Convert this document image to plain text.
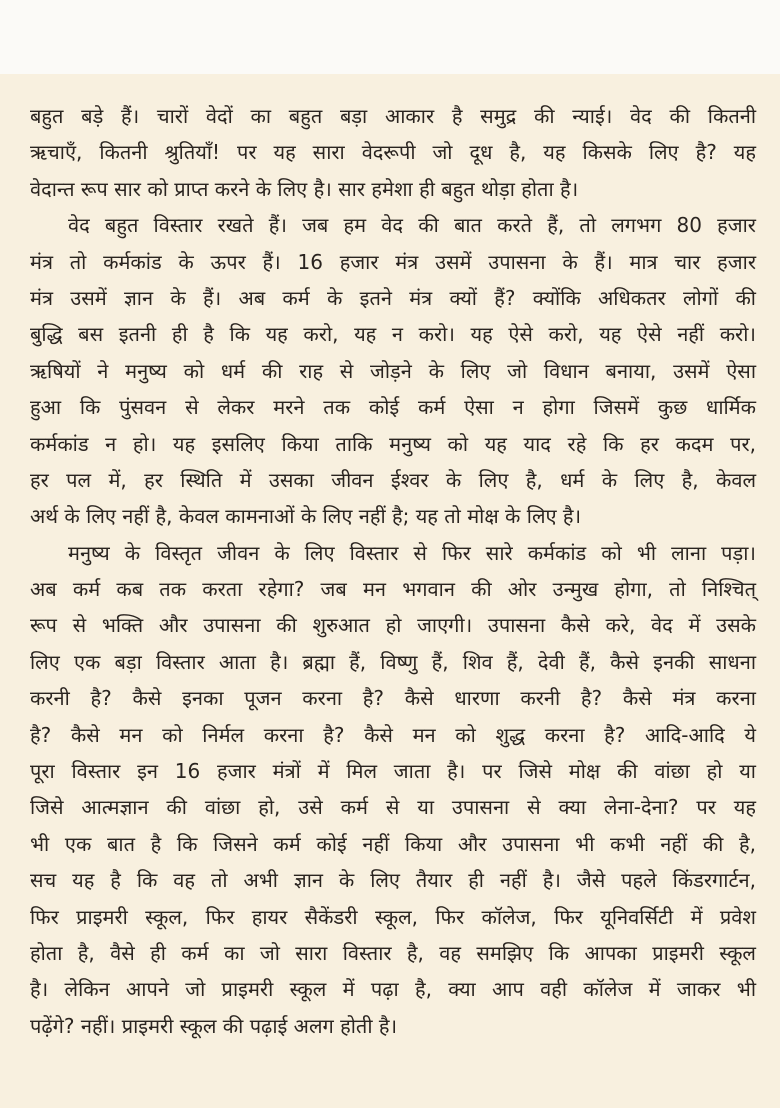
बहुत बड़े हैं। चारों वेदों का बहुत बड़ा आकार है समुद्र की न्याई। वेद की कितनी
ऋचाएँ, कितनी श्रुतियाँ! पर यह सारा वेदरूपी जो दूध है, यह किसके लिए है? यह
वेदान्त रूप सार को प्राप्त करने के लिए है। सार हमेशा ही बहुत थोड़ा होता है।
वेद बहुत विस्तार रखते हैं। जब हम वेद की बात करते हैं, तो लगभग 80 हजार
मंत्र तो कर्मकांड के ऊपर हैं। 16 हजार मंत्र उसमें उपासना के हैं। मात्र चार हजार
मंत्र उसमें ज्ञान के हैं। अब कर्म के इतने मंत्र क्यों हैं? क्योंकि अधिकतर लोगों की
बुद्धि बस इतनी ही है कि यह करो, यह न करो। यह ऐसे करो, यह ऐसे नहीं करो।
ऋषियों ने मनुष्य को धर्म की राह से जोड़ने के लिए जो विधान बनाया, उसमें ऐसा
हुआ कि पुंसवन से लेकर मरने तक कोई कर्म ऐसा न होगा जिसमें कुछ धार्मिक
कर्मकांड न हो। यह इसलिए किया ताकि मनुष्य को यह याद रहे कि हर कदम पर,
हर पल में, हर स्थिति में उसका जीवन ईश्वर के लिए है, धर्म के लिए है, केवल
अर्थ के लिए नहीं है, केवल कामनाओं के लिए नहीं है; यह तो मोक्ष के लिए है।
मनुष्य के विस्तृत जीवन के लिए विस्तार से फिर सारे कर्मकांड को भी लाना पड़ा।
अब कर्म कब तक करता रहेगा? जब मन भगवान की ओर उन्मुख होगा, तो निश्चित्
रूप से भक्ति और उपासना की शुरुआत हो जाएगी। उपासना कैसे करे, वेद में उसके
लिए एक बड़ा विस्तार आता है। ब्रह्मा हैं, विष्णु हैं, शिव हैं, देवी हैं, कैसे इनकी साधना
करनी है? कैसे इनका पूजन करना है? कैसे धारणा करनी है? कैसे मंत्र करना
है? कैसे मन को निर्मल करना है? कैसे मन को शुद्ध करना है? आदि-आदि ये
पूरा विस्तार इन 16 हजार मंत्रों में मिल जाता है। पर जिसे मोक्ष की वांछा हो या
जिसे आत्मज्ञान की वांछा हो, उसे कर्म से या उपासना से क्या लेना-देना? पर यह
भी एक बात है कि जिसने कर्म कोई नहीं किया और उपासना भी कभी नहीं की है,
सच यह है कि वह तो अभी ज्ञान के लिए तैयार ही नहीं है। जैसे पहले किंडरगार्टन,
फिर प्राइमरी स्कूल, फिर हायर सैकेंडरी स्कूल, फिर कॉलेज, फिर यूनिवर्सिटी में प्रवेश
होता है, वैसे ही कर्म का जो सारा विस्तार है, वह समझिए कि आपका प्राइमरी स्कूल
है। लेकिन आपने जो प्राइमरी स्कूल में पढ़ा है, क्या आप वही कॉलेज में जाकर भी
पढ़ेंगे? नहीं। प्राइमरी स्कूल की पढ़ाई अलग होती है।
